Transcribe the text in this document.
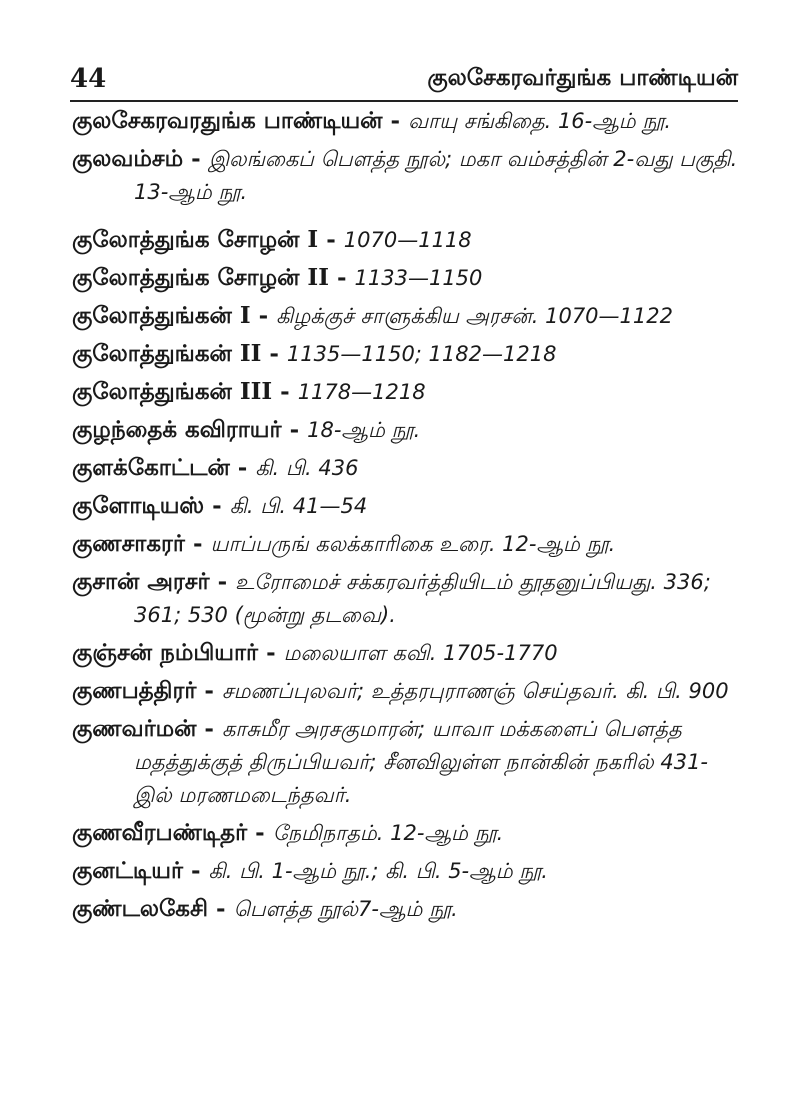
44	குலசேகரவர்துங்க பாண்டியன்
குலசேகரவரதுங்க பாண்டியன் - வாயு சங்கிதை. 16-ஆம் நூ.
குலவம்சம் - இலங்கைப் பௌத்த நூல்; மகா வம்சத்தின் 2-வது பகுதி. 13-ஆம் நூ.
குலோத்துங்க சோழன் I - 1070—1118
குலோத்துங்க சோழன் II - 1133—1150
குலோத்துங்கன் I - கிழக்குச் சாளுக்கிய அரசன். 1070—1122
குலோத்துங்கன் II - 1135—1150; 1182—1218
குலோத்துங்கன் III - 1178—1218
குழந்தைக் கவிராயர் - 18-ஆம் நூ.
குளக்கோட்டன் - கி. பி. 436
குளோடியஸ் - கி. பி. 41—54
குணசாகரர் - யாப்பருங் கலக்காரிகை உரை. 12-ஆம் நூ.
குசான் அரசர் - உரோமைச் சக்கரவர்த்தியிடம் தூதனுப்பியது. 336; 361; 530 (மூன்று தடவை).
குஞ்சன் நம்பியார் - மலையாள கவி. 1705-1770
குணபத்திரர் - சமணப்புலவர்; உத்தரபுராணஞ் செய்தவர். கி. பி. 900
குணவர்மன் - காசுமீர அரசகுமாரன்; யாவா மக்களைப் பௌத்த மதத்துக்குத் திருப்பியவர்; சீனவிலுள்ள நான்கின் நகரில் 431-இல் மரணமடைந்தவர்.
குணவீரபண்டிதர் - நேமிநாதம். 12-ஆம் நூ.
குனட்டியர் - கி. பி. 1-ஆம் நூ.; கி. பி. 5-ஆம் நூ.
குண்டலகேசி - பௌத்த நூல்7-ஆம் நூ.
